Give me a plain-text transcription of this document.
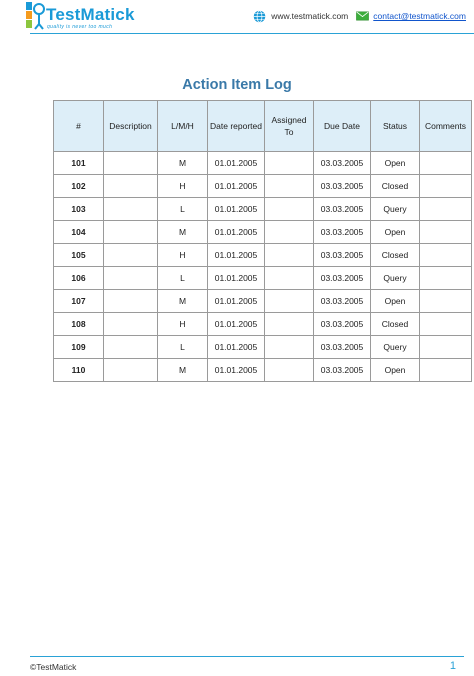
TestMatick
quality is never too much
www.testmatick.com	contact@testmatick.com
Action Item Log
#	Description	L/M/H	Date reported	Assigned To	Due Date	Status	Comments
101		M	01.01.2005		03.03.2005	Open	
102		H	01.01.2005		03.03.2005	Closed	
103		L	01.01.2005		03.03.2005	Query	
104		M	01.01.2005		03.03.2005	Open	
105		H	01.01.2005		03.03.2005	Closed	
106		L	01.01.2005		03.03.2005	Query	
107		M	01.01.2005		03.03.2005	Open	
108		H	01.01.2005		03.03.2005	Closed	
109		L	01.01.2005		03.03.2005	Query	
110		M	01.01.2005		03.03.2005	Open	
©TestMatick	1
